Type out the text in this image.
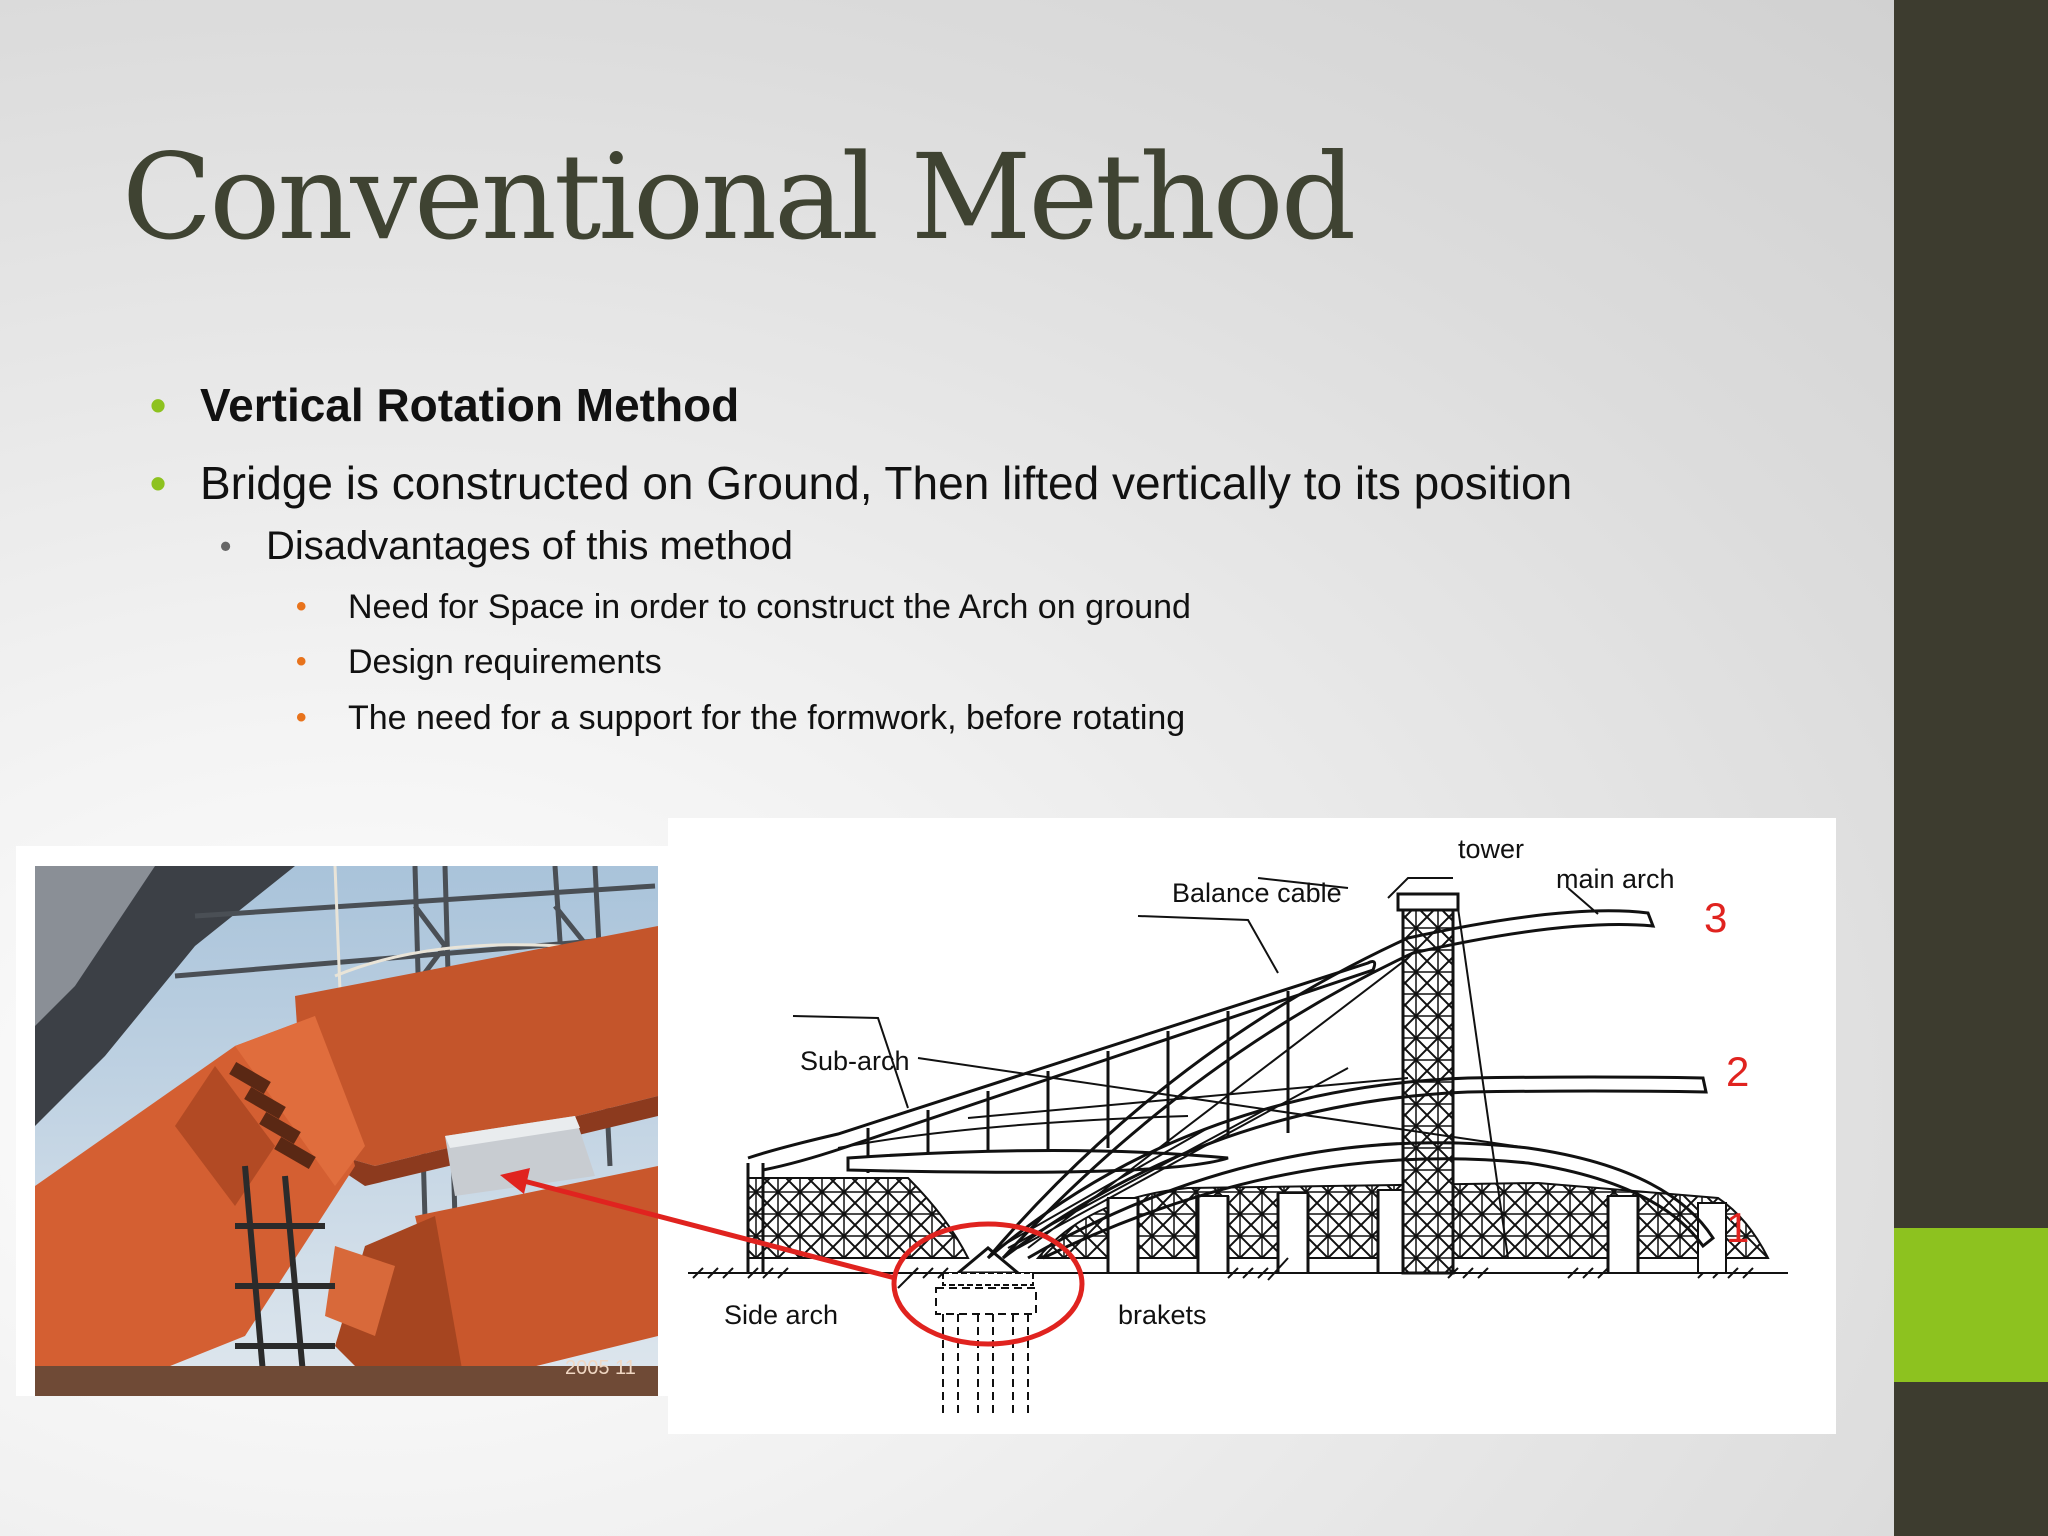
Conventional Method
• Vertical Rotation Method
• Bridge is constructed on Ground, Then lifted vertically to its position
• Disadvantages of this method
• Need for Space in order to construct the Arch on ground
• Design requirements
• The need for a support for the formwork, before rotating
2005 11
tower
main arch
Balance cable
Sub-arch
Side arch	brakets
3
2
1
